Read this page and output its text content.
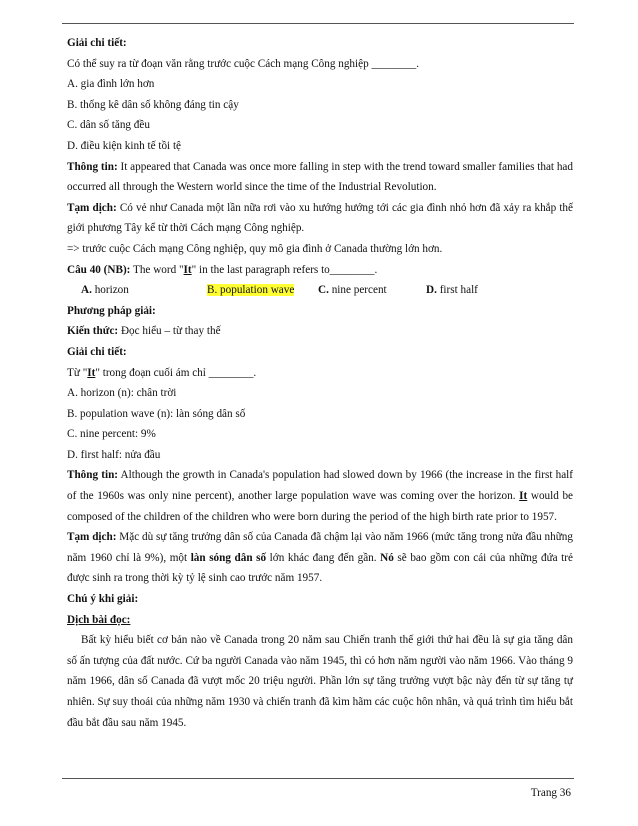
Giải chi tiết:
Có thể suy ra từ đoạn văn rằng trước cuộc Cách mạng Công nghiệp ________.
A. gia đình lớn hơn
B. thống kê dân số không đáng tin cậy
C. dân số tăng đều
D. điều kiện kinh tế tồi tệ
Thông tin: It appeared that Canada was once more falling in step with the trend toward smaller families that had occurred all through the Western world since the time of the Industrial Revolution.
Tạm dịch: Có vẻ như Canada một lần nữa rơi vào xu hướng hướng tới các gia đình nhỏ hơn đã xảy ra khắp thế giới phương Tây kể từ thời Cách mạng Công nghiệp.
=> trước cuộc Cách mạng Công nghiệp, quy mô gia đình ở Canada thường lớn hơn.
Câu 40 (NB): The word "It" in the last paragraph refers to________.
A. horizon	B. population wave	C. nine percent	D. first half
Phương pháp giải:
Kiến thức: Đọc hiểu – từ thay thế
Giải chi tiết:
Từ "It" trong đoạn cuối ám chỉ ________.
A. horizon (n): chân trời
B. population wave (n): làn sóng dân số
C. nine percent: 9%
D. first half: nửa đầu
Thông tin: Although the growth in Canada's population had slowed down by 1966 (the increase in the first half of the 1960s was only nine percent), another large population wave was coming over the horizon. It would be composed of the children of the children who were born during the period of the high birth rate prior to 1957.
Tạm dịch: Mặc dù sự tăng trưởng dân số của Canada đã chậm lại vào năm 1966 (mức tăng trong nửa đầu những năm 1960 chỉ là 9%), một làn sóng dân số lớn khác đang đến gần. Nó sẽ bao gồm con cái của những đứa trẻ được sinh ra trong thời kỳ tỷ lệ sinh cao trước năm 1957.
Chú ý khi giải:
Dịch bài đọc:
Bất kỳ hiểu biết cơ bản nào về Canada trong 20 năm sau Chiến tranh thế giới thứ hai đều là sự gia tăng dân số ấn tượng của đất nước. Cứ ba người Canada vào năm 1945, thì có hơn năm người vào năm 1966. Vào tháng 9 năm 1966, dân số Canada đã vượt mốc 20 triệu người. Phần lớn sự tăng trưởng vượt bậc này đến từ sự tăng tự nhiên. Sự suy thoái của những năm 1930 và chiến tranh đã kìm hãm các cuộc hôn nhân, và quá trình tìm hiểu bắt đầu bắt đầu sau năm 1945.
Trang 36
